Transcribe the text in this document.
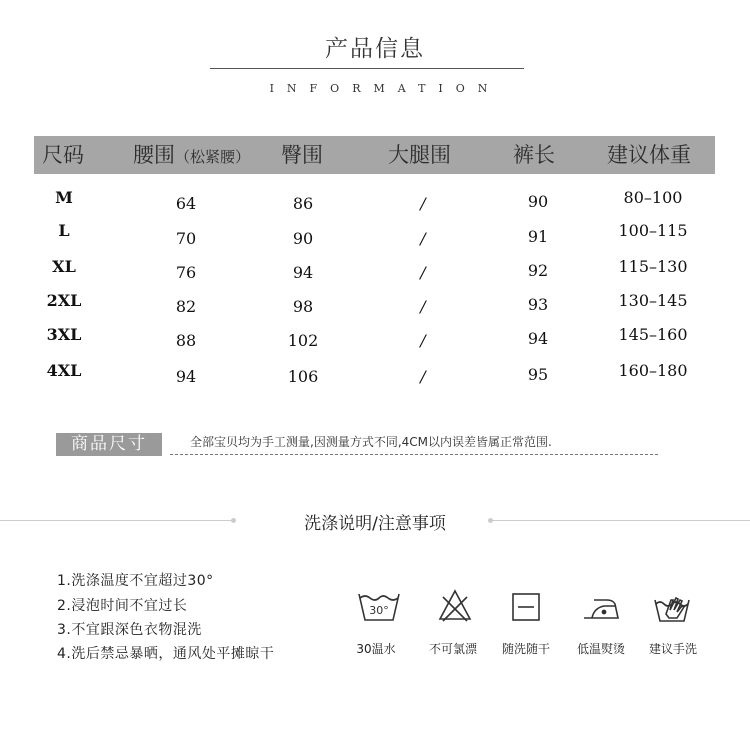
产品信息
INFORMATION
尺码 腰围（松紧腰） 臀围	大腿围	裤长 建议体重
M	64	86	/	90	80–100
L	70	90	/	91	100–115
XL	76	94	/	92	115–130
2XL	82	98	/	93	130–145
3XL	88	102	/	94	145–160
4XL	94	106	/	95	160–180
商品尺寸	全部宝贝均为手工测量,因测量方式不同,4CM以内误差皆属正常范围.
洗涤说明/注意事项
1.洗涤温度不宜超过30°
2.浸泡时间不宜过长
3.不宜跟深色衣物混洗
4.洗后禁忌暴晒，通风处平摊晾干
30°
30温水	不可氯漂 随洗随干 低温熨烫 建议手洗
